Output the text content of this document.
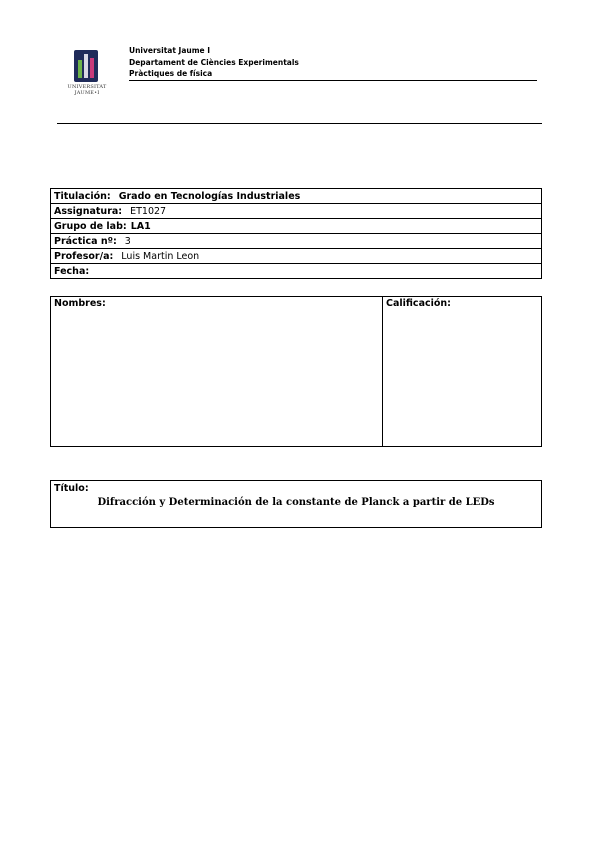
UNIVERSITAT JAUME•I
Universitat Jaume I
Departament de Ciències Experimentals
Pràctiques de física
Titulación: Grado en Tecnologías Industriales
Assignatura: ET1027
Grupo de lab: LA1
Práctica nº: 3
Profesor/a: Luis Martin Leon
Fecha:
Nombres:	Calificación:
Título:
Difracción y Determinación de la constante de Planck a partir de LEDs
